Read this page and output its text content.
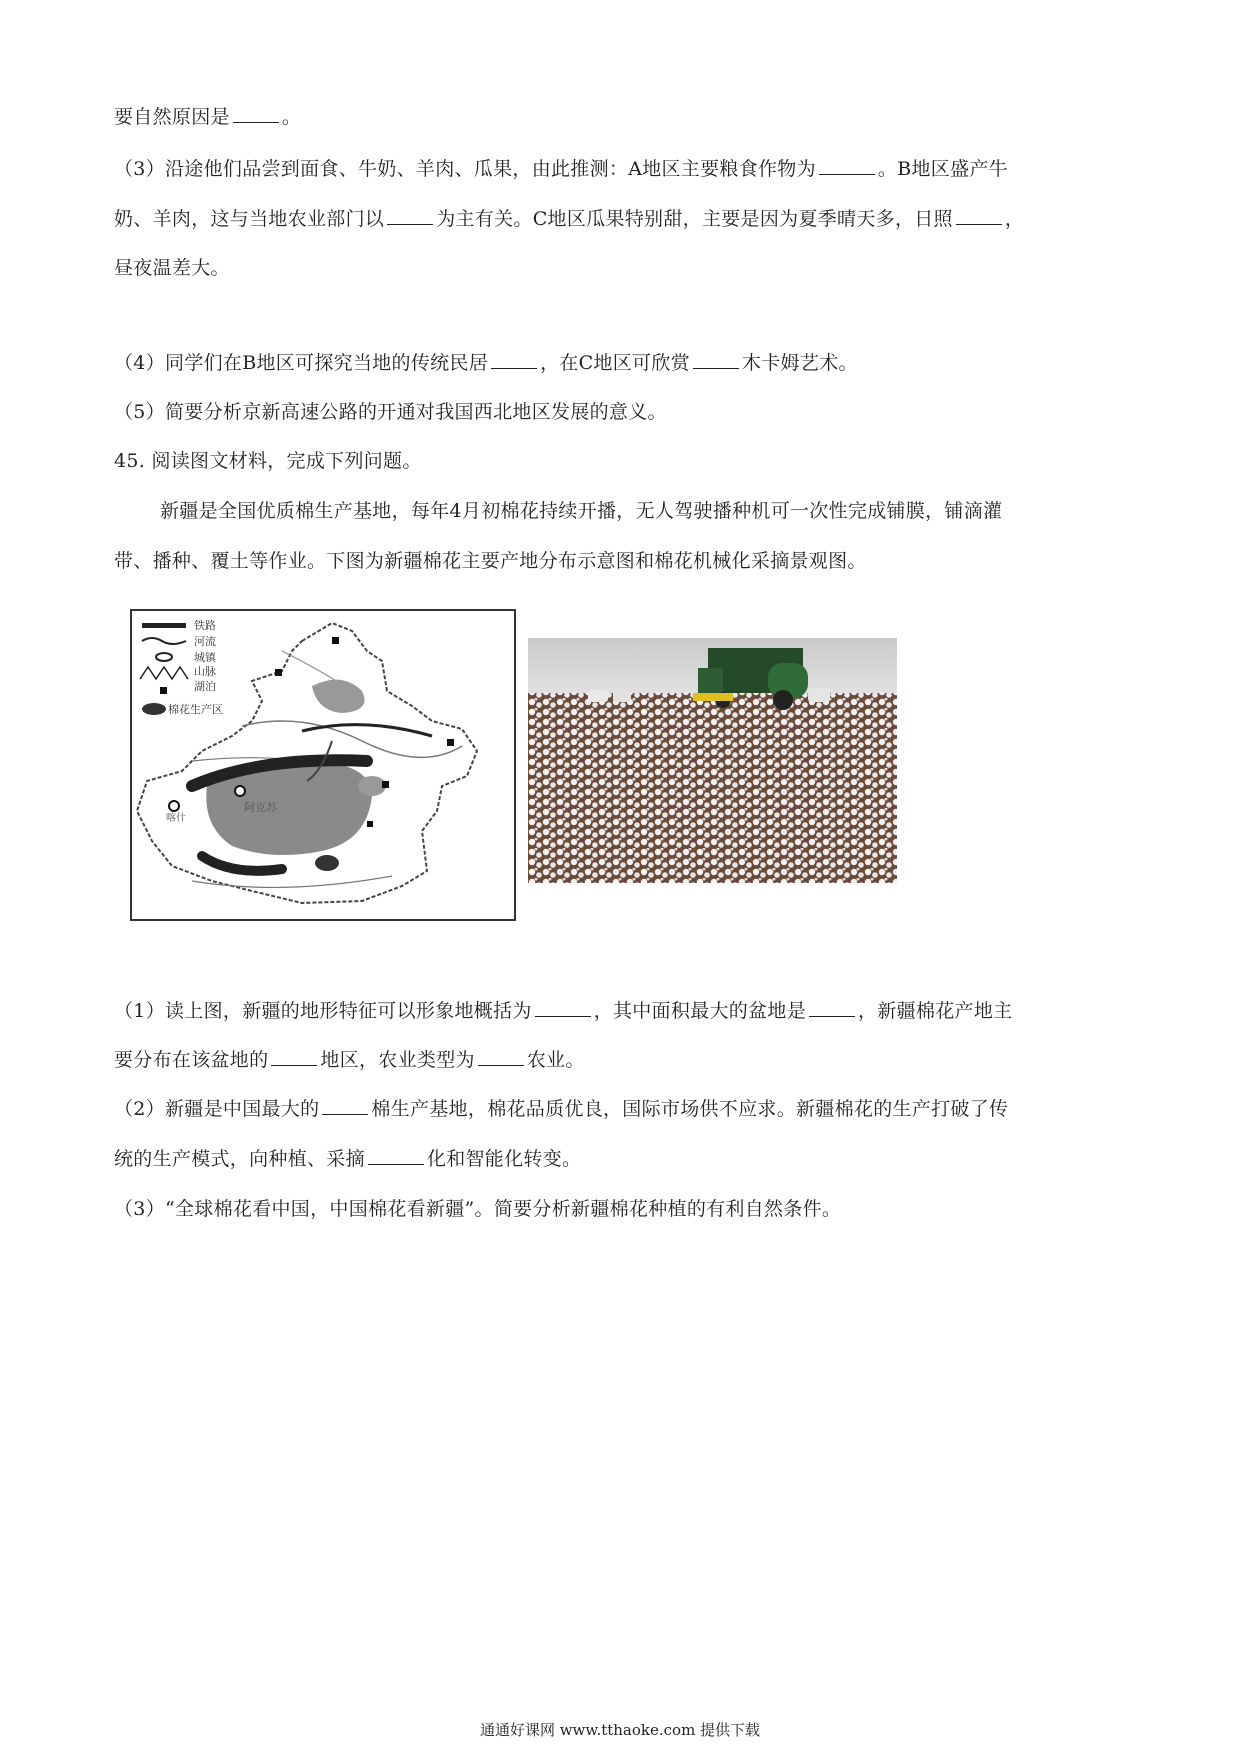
要自然原因是	。
（3）沿途他们品尝到面食、牛奶、羊肉、瓜果，由此推测：A地区主要粮食作物为	。B地区盛产牛
奶、羊肉，这与当地农业部门以	为主有关。C地区瓜果特别甜，主要是因为夏季晴天多，日照	，
昼夜温差大。
（4）同学们在B地区可探究当地的传统民居	，在C地区可欣赏	木卡姆艺术。
（5）简要分析京新高速公路的开通对我国西北地区发展的意义。
45. 阅读图文材料，完成下列问题。
新疆是全国优质棉生产基地，每年4月初棉花持续开播，无人驾驶播种机可一次性完成铺膜，铺滴灌
带、播种、覆土等作业。下图为新疆棉花主要产地分布示意图和棉花机械化采摘景观图。
铁路
河流
城镇
山脉
湖泊
棉花生产区
阿克苏
喀什
（1）读上图，新疆的地形特征可以形象地概括为	，其中面积最大的盆地是	，新疆棉花产地主
要分布在该盆地的	地区，农业类型为	农业。
（2）新疆是中国最大的	棉生产基地，棉花品质优良，国际市场供不应求。新疆棉花的生产打破了传
统的生产模式，向种植、采摘	化和智能化转变。
（3）“全球棉花看中国，中国棉花看新疆”。简要分析新疆棉花种植的有利自然条件。
通通好课网 www.tthaoke.com 提供下载
